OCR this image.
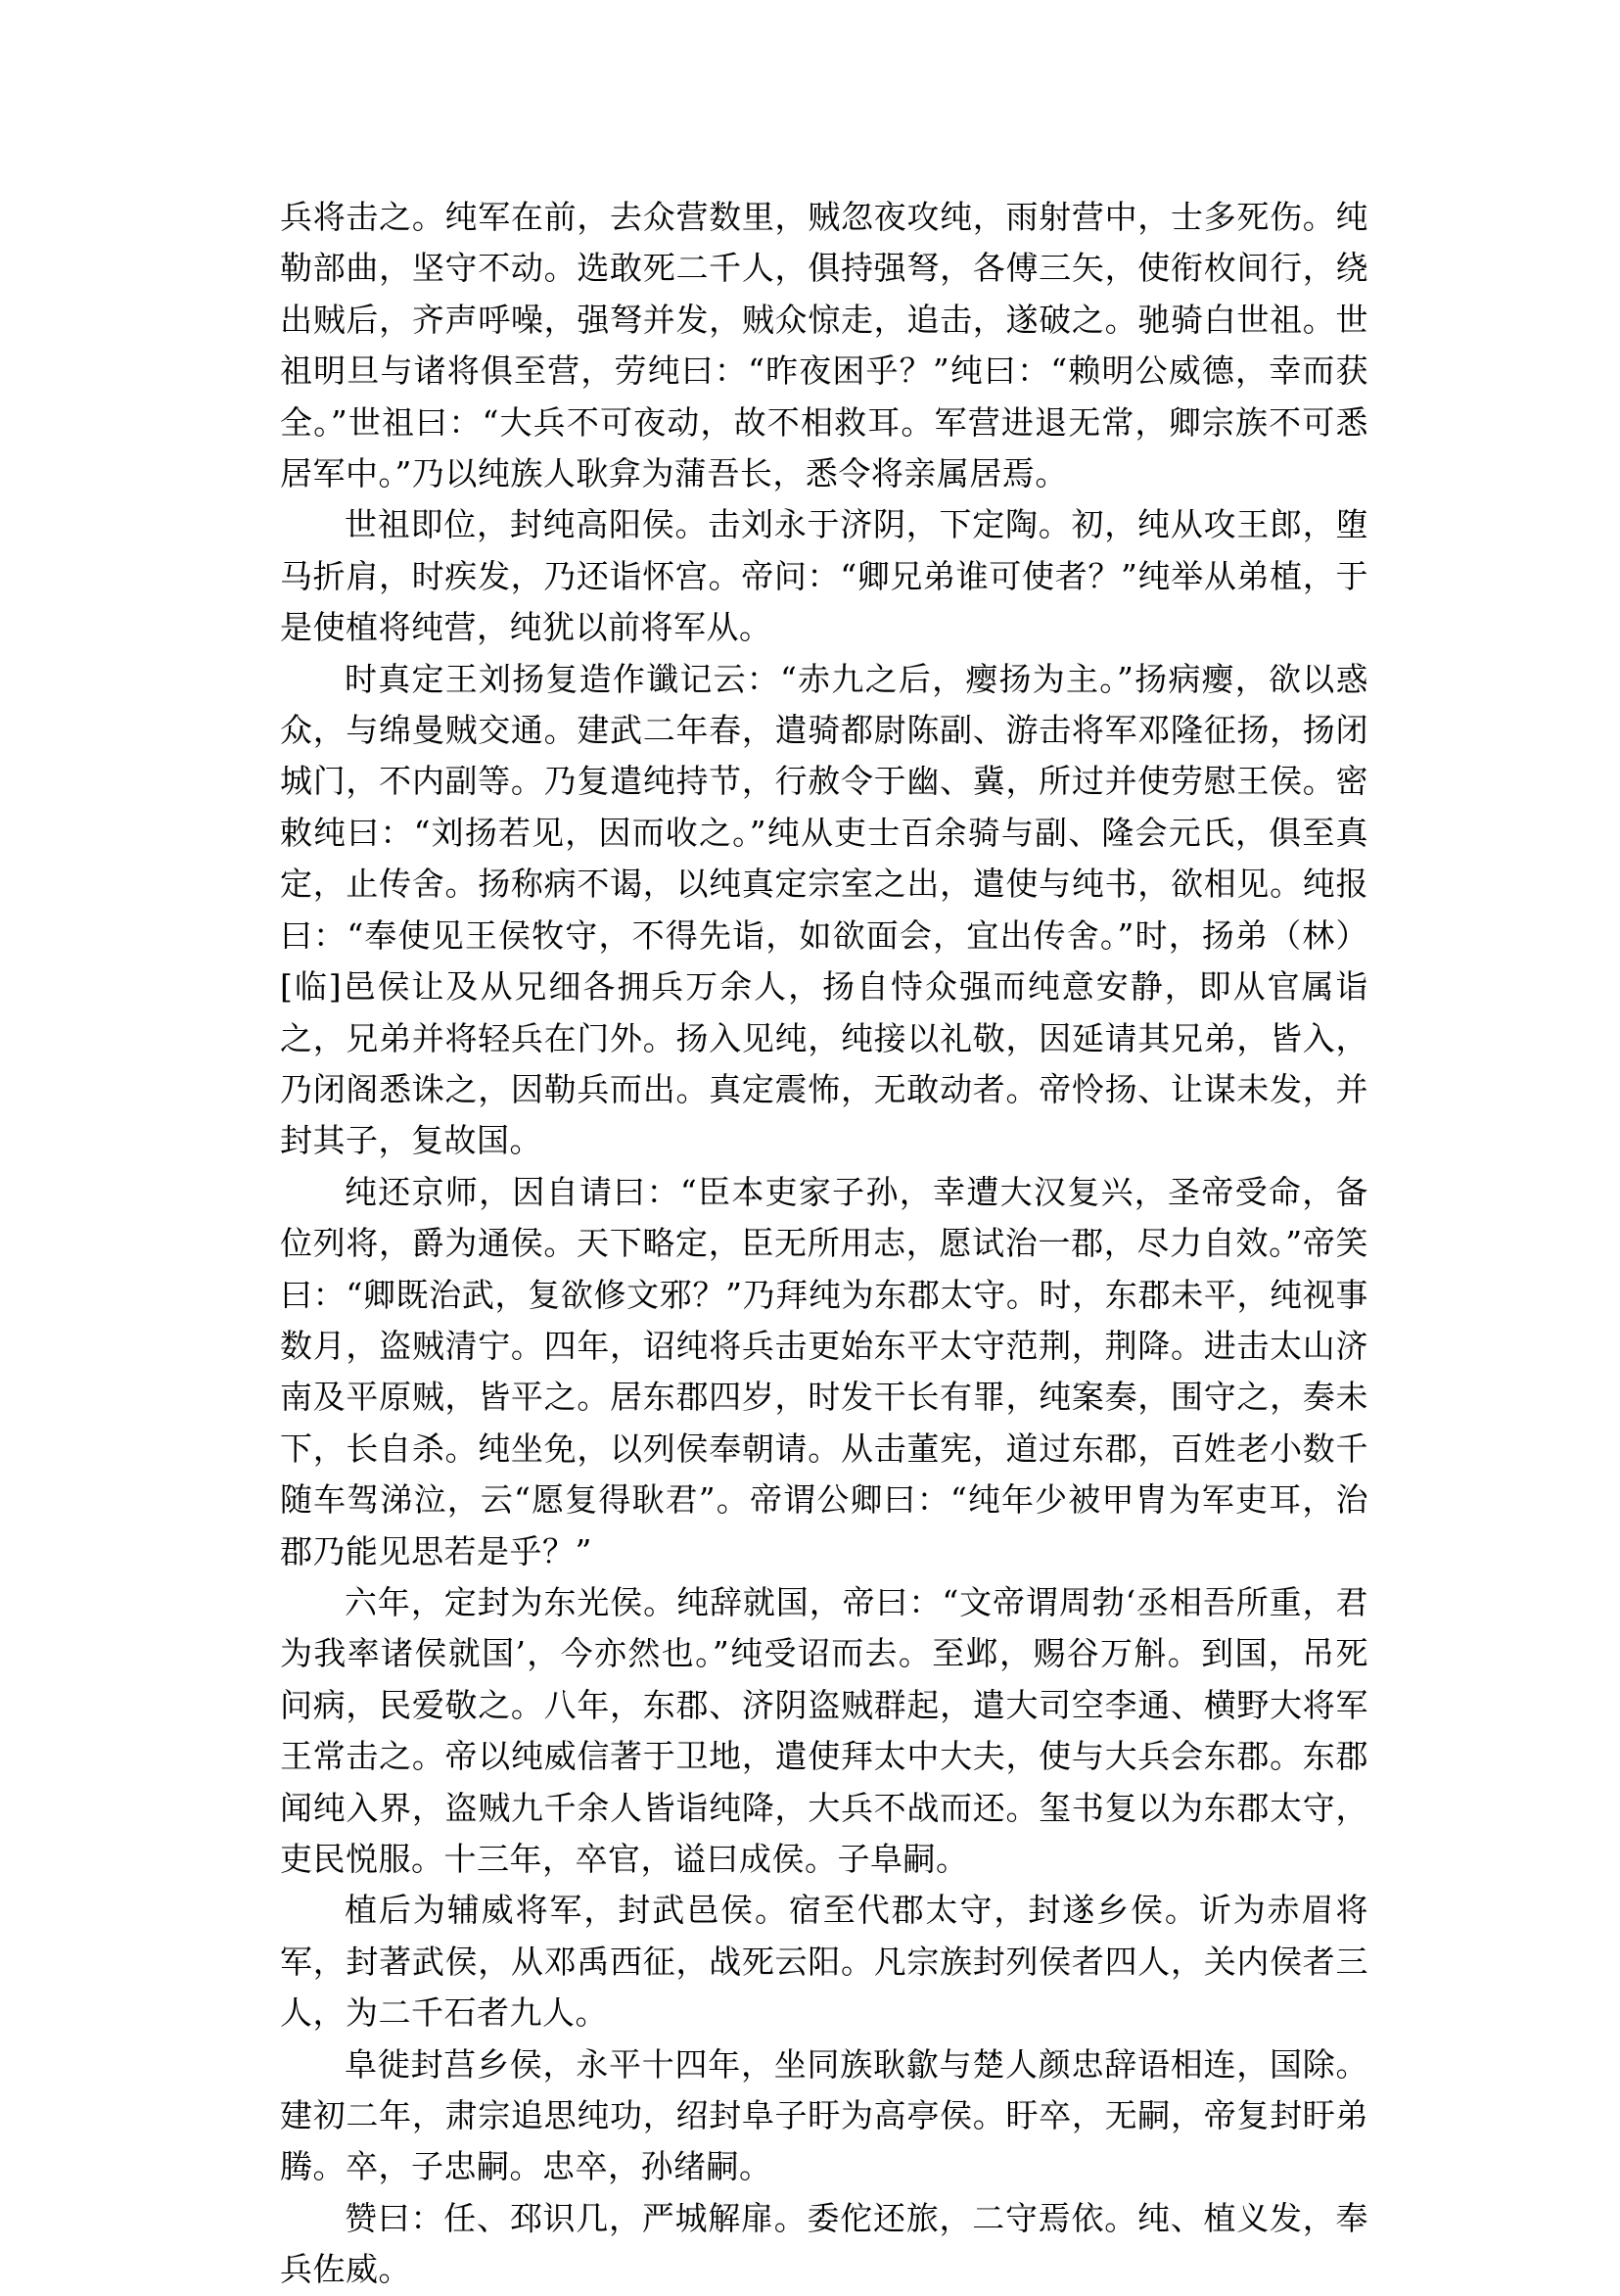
兵将击之。纯军在前，去众营数里，贼忽夜攻纯，雨射营中，士多死伤。纯勒部曲，坚守不动。选敢死二千人，俱持强弩，各傅三矢，使衔枚间行，绕出贼后，齐声呼噪，强弩并发，贼众惊走，追击，遂破之。驰骑白世祖。世祖明旦与诸将俱至营，劳纯曰：“昨夜困乎？”纯曰：“赖明公威德，幸而获全。”世祖曰：“大兵不可夜动，故不相救耳。军营进退无常，卿宗族不可悉居军中。”乃以纯族人耿弇为蒲吾长，悉令将亲属居焉。

世祖即位，封纯高阳侯。击刘永于济阴，下定陶。初，纯从攻王郎，堕马折肩，时疾发，乃还诣怀宫。帝问：“卿兄弟谁可使者？”纯举从弟植，于是使植将纯营，纯犹以前将军从。

时真定王刘扬复造作谶记云：“赤九之后，瘿扬为主。”扬病瘿，欲以惑众，与绵曼贼交通。建武二年春，遣骑都尉陈副、游击将军邓隆征扬，扬闭城门，不内副等。乃复遣纯持节，行赦令于幽、冀，所过并使劳慰王侯。密敕纯曰：“刘扬若见，因而收之。”纯从吏士百余骑与副、隆会元氏，俱至真定，止传舍。扬称病不谒，以纯真定宗室之出，遣使与纯书，欲相见。纯报曰：“奉使见王侯牧守，不得先诣，如欲面会，宜出传舍。”时，扬弟（林）[临]邑侯让及从兄细各拥兵万余人，扬自恃众强而纯意安静，即从官属诣之，兄弟并将轻兵在门外。扬入见纯，纯接以礼敬，因延请其兄弟，皆入，乃闭阁悉诛之，因勒兵而出。真定震怖，无敢动者。帝怜扬、让谋未发，并封其子，复故国。

纯还京师，因自请曰：“臣本吏家子孙，幸遭大汉复兴，圣帝受命，备位列将，爵为通侯。天下略定，臣无所用志，愿试治一郡，尽力自效。”帝笑曰：“卿既治武，复欲修文邪？”乃拜纯为东郡太守。时，东郡未平，纯视事数月，盗贼清宁。四年，诏纯将兵击更始东平太守范荆，荆降。进击太山济南及平原贼，皆平之。居东郡四岁，时发干长有罪，纯案奏，围守之，奏未下，长自杀。纯坐免，以列侯奉朝请。从击董宪，道过东郡，百姓老小数千随车驾涕泣，云“愿复得耿君”。帝谓公卿曰：“纯年少被甲胄为军吏耳，治郡乃能见思若是乎？”

六年，定封为东光侯。纯辞就国，帝曰：“文帝谓周勃‘丞相吾所重，君为我率诸侯就国’，今亦然也。”纯受诏而去。至邺，赐谷万斛。到国，吊死问病，民爱敬之。八年，东郡、济阴盗贼群起，遣大司空李通、横野大将军王常击之。帝以纯威信著于卫地，遣使拜太中大夫，使与大兵会东郡。东郡闻纯入界，盗贼九千余人皆诣纯降，大兵不战而还。玺书复以为东郡太守，吏民悦服。十三年，卒官，谥曰成侯。子阜嗣。

植后为辅威将军，封武邑侯。宿至代郡太守，封遂乡侯。䜣为赤眉将军，封著武侯，从邓禹西征，战死云阳。凡宗族封列侯者四人，关内侯者三人，为二千石者九人。

阜徙封莒乡侯，永平十四年，坐同族耿歙与楚人颜忠辞语相连，国除。建初二年，肃宗追思纯功，绍封阜子盱为高亭侯。盱卒，无嗣，帝复封盱弟腾。卒，子忠嗣。忠卒，孙绪嗣。

赞曰：任、邳识几，严城解扉。委佗还旅，二守焉依。纯、植义发，奉兵佐威。
